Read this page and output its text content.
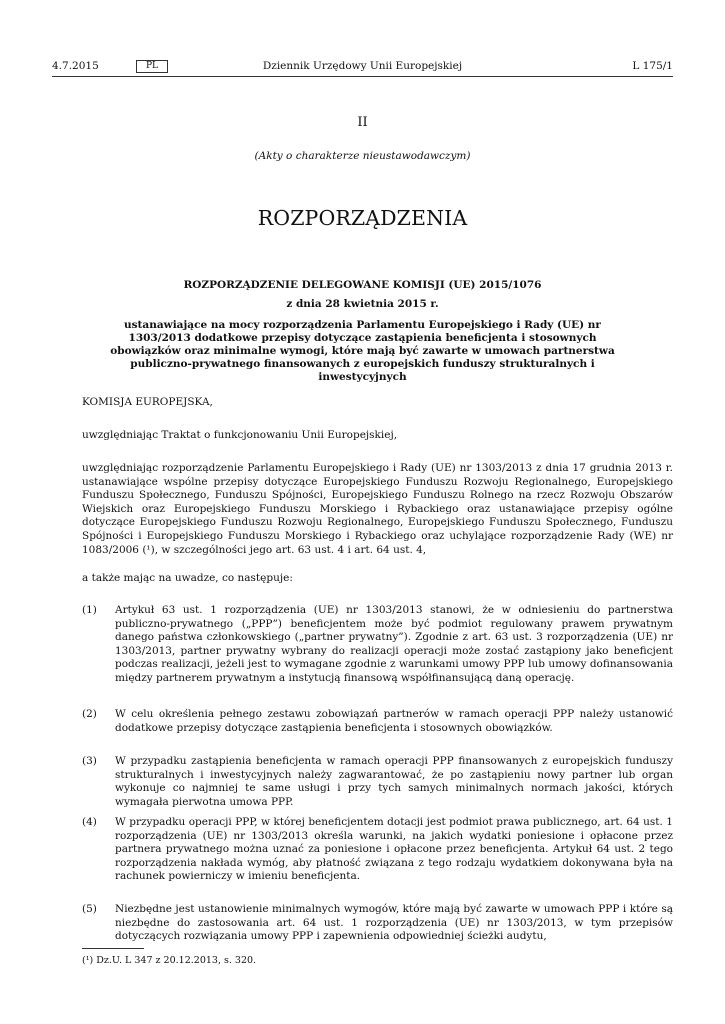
4.7.2015	PL	Dziennik Urzędowy Unii Europejskiej	L 175/1
II
(Akty o charakterze nieustawodawczym)
ROZPORZĄDZENIA
ROZPORZĄDZENIE DELEGOWANE KOMISJI (UE) 2015/1076
z dnia 28 kwietnia 2015 r.
ustanawiające na mocy rozporządzenia Parlamentu Europejskiego i Rady (UE) nr 1303/2013 dodatkowe przepisy dotyczące zastąpienia beneficjenta i stosownych obowiązków oraz minimalne wymogi, które mają być zawarte w umowach partnerstwa publiczno-prywatnego finansowanych z europejskich funduszy strukturalnych i inwestycyjnych
KOMISJA EUROPEJSKA,
uwzględniając Traktat o funkcjonowaniu Unii Europejskiej,
uwzględniając rozporządzenie Parlamentu Europejskiego i Rady (UE) nr 1303/2013 z dnia 17 grudnia 2013 r. ustanawiające wspólne przepisy dotyczące Europejskiego Funduszu Rozwoju Regionalnego, Europejskiego Funduszu Społecznego, Funduszu Spójności, Europejskiego Funduszu Rolnego na rzecz Rozwoju Obszarów Wiejskich oraz Europejskiego Funduszu Morskiego i Rybackiego oraz ustanawiające przepisy ogólne dotyczące Europejskiego Funduszu Rozwoju Regionalnego, Europejskiego Funduszu Społecznego, Funduszu Spójności i Europejskiego Funduszu Morskiego i Rybackiego oraz uchylające rozporządzenie Rady (WE) nr 1083/2006 (¹), w szczególności jego art. 63 ust. 4 i art. 64 ust. 4,
a także mając na uwadze, co następuje:
(1)	Artykuł 63 ust. 1 rozporządzenia (UE) nr 1303/2013 stanowi, że w odniesieniu do partnerstwa publiczno-prywatnego („PPP”) beneficjentem może być podmiot regulowany prawem prywatnym danego państwa członkowskiego („partner prywatny”). Zgodnie z art. 63 ust. 3 rozporządzenia (UE) nr 1303/2013, partner prywatny wybrany do realizacji operacji może zostać zastąpiony jako beneficjent podczas realizacji, jeżeli jest to wymagane zgodnie z warunkami umowy PPP lub umowy dofinansowania między partnerem prywatnym a instytucją finansową współfinansującą daną operację.
(2)	W celu określenia pełnego zestawu zobowiązań partnerów w ramach operacji PPP należy ustanowić dodatkowe przepisy dotyczące zastąpienia beneficjenta i stosownych obowiązków.
(3)	W przypadku zastąpienia beneficjenta w ramach operacji PPP finansowanych z europejskich funduszy strukturalnych i inwestycyjnych należy zagwarantować, że po zastąpieniu nowy partner lub organ wykonuje co najmniej te same usługi i przy tych samych minimalnych normach jakości, których wymagała pierwotna umowa PPP.
(4)	W przypadku operacji PPP, w której beneficjentem dotacji jest podmiot prawa publicznego, art. 64 ust. 1 rozporządzenia (UE) nr 1303/2013 określa warunki, na jakich wydatki poniesione i opłacone przez partnera prywatnego można uznać za poniesione i opłacone przez beneficjenta. Artykuł 64 ust. 2 tego rozporządzenia nakłada wymóg, aby płatność związana z tego rodzaju wydatkiem dokonywana była na rachunek powierniczy w imieniu beneficjenta.
(5)	Niezbędne jest ustanowienie minimalnych wymogów, które mają być zawarte w umowach PPP i które są niezbędne do zastosowania art. 64 ust. 1 rozporządzenia (UE) nr 1303/2013, w tym przepisów dotyczących rozwiązania umowy PPP i zapewnienia odpowiedniej ścieżki audytu,
(¹) Dz.U. L 347 z 20.12.2013, s. 320.
